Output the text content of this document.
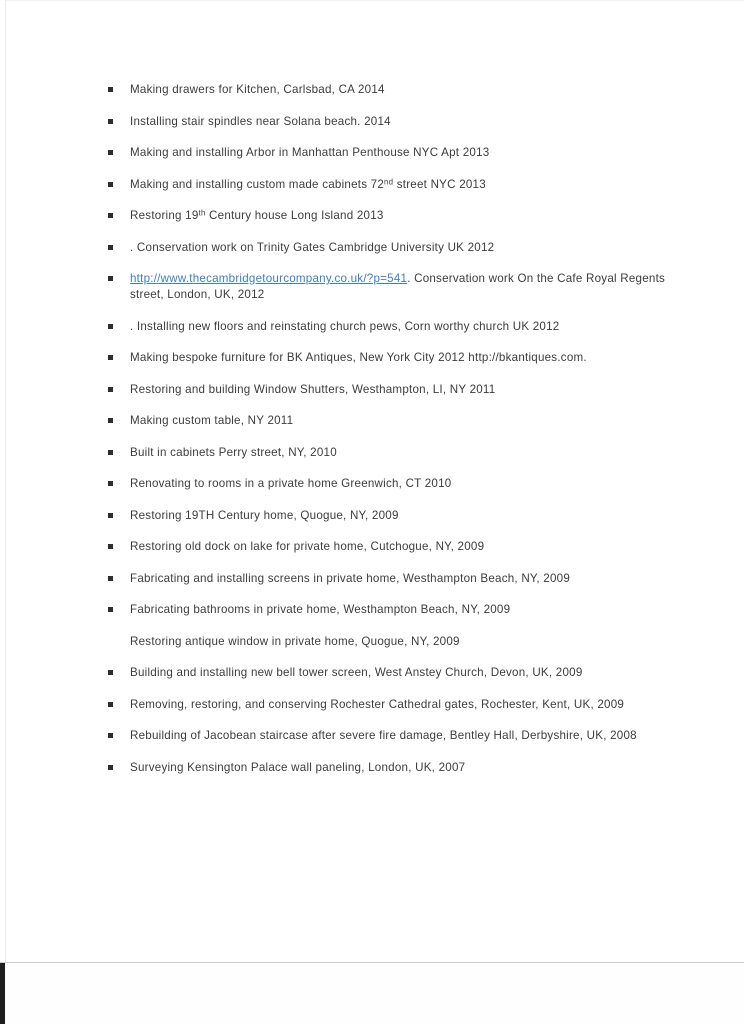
Making drawers for Kitchen, Carlsbad, CA 2014
Installing stair spindles near Solana beach. 2014
Making and installing Arbor in Manhattan Penthouse NYC Apt 2013
Making and installing custom made cabinets 72nd street NYC 2013
Restoring 19th Century house Long Island 2013
. Conservation work on Trinity Gates Cambridge University UK 2012
http://www.thecambridgetourcompany.co.uk/?p=541. Conservation work On the Cafe Royal Regents street, London, UK, 2012
. Installing new floors and reinstating church pews, Corn worthy church UK 2012
Making bespoke furniture for BK Antiques, New York City 2012 http://bkantiques.com.
Restoring and building Window Shutters, Westhampton, LI, NY 2011
Making custom table, NY 2011
Built in cabinets Perry street, NY, 2010
Renovating to rooms in a private home Greenwich, CT 2010
Restoring 19TH Century home, Quogue, NY, 2009
Restoring old dock on lake for private home, Cutchogue, NY, 2009
Fabricating and installing screens in private home, Westhampton Beach, NY, 2009
Fabricating bathrooms in private home, Westhampton Beach, NY, 2009
Restoring antique window in private home, Quogue, NY, 2009
Building and installing new bell tower screen, West Anstey Church, Devon, UK, 2009
Removing, restoring, and conserving Rochester Cathedral gates, Rochester, Kent, UK, 2009
Rebuilding of Jacobean staircase after severe fire damage, Bentley Hall, Derbyshire, UK, 2008
Surveying Kensington Palace wall paneling, London, UK, 2007
